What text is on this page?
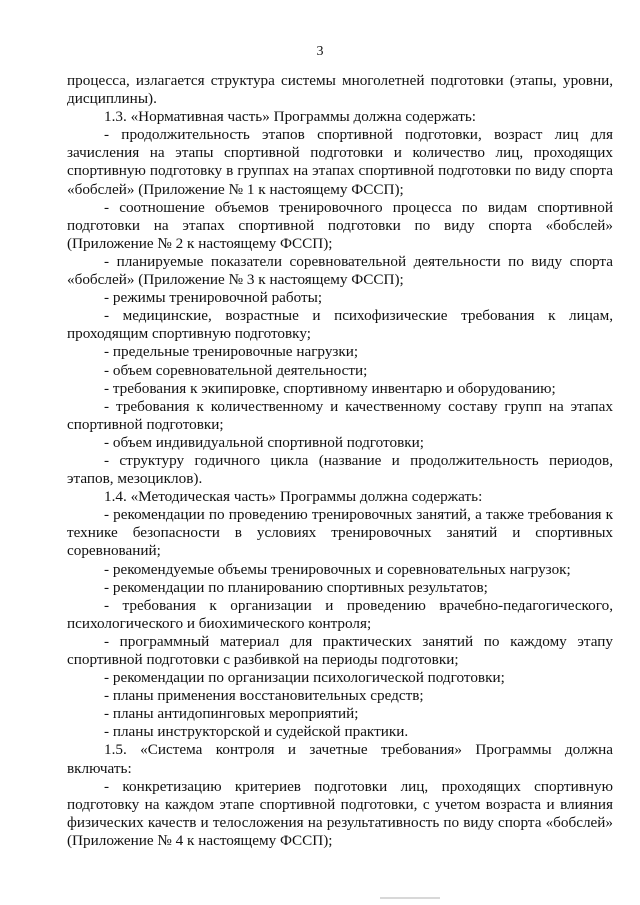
3

процесса, излагается структура системы многолетней подготовки (этапы, уровни, дисциплины).

1.3. «Нормативная часть» Программы должна содержать:

- продолжительность этапов спортивной подготовки, возраст лиц для зачисления на этапы спортивной подготовки и количество лиц, проходящих спортивную подготовку в группах на этапах спортивной подготовки по виду спорта «бобслей» (Приложение № 1 к настоящему ФССП);

- соотношение объемов тренировочного процесса по видам спортивной подготовки на этапах спортивной подготовки по виду спорта «бобслей» (Приложение № 2 к настоящему ФССП);

- планируемые показатели соревновательной деятельности по виду спорта «бобслей» (Приложение № 3 к настоящему ФССП);

- режимы тренировочной работы;

- медицинские, возрастные и психофизические требования к лицам, проходящим спортивную подготовку;

- предельные тренировочные нагрузки;

- объем соревновательной деятельности;

- требования к экипировке, спортивному инвентарю и оборудованию;

- требования к количественному и качественному составу групп на этапах спортивной подготовки;

- объем индивидуальной спортивной подготовки;

- структуру годичного цикла (название и продолжительность периодов, этапов, мезоциклов).

1.4. «Методическая часть» Программы должна содержать:

- рекомендации по проведению тренировочных занятий, а также требования к технике безопасности в условиях тренировочных занятий и спортивных соревнований;

- рекомендуемые объемы тренировочных и соревновательных нагрузок;

- рекомендации по планированию спортивных результатов;

- требования к организации и проведению врачебно-педагогического, психологического и биохимического контроля;

- программный материал для практических занятий по каждому этапу спортивной подготовки с разбивкой на периоды подготовки;

- рекомендации по организации психологической подготовки;

- планы применения восстановительных средств;

- планы антидопинговых мероприятий;

- планы инструкторской и судейской практики.

1.5. «Система контроля и зачетные требования» Программы должна включать:

- конкретизацию критериев подготовки лиц, проходящих спортивную подготовку на каждом этапе спортивной подготовки, с учетом возраста и влияния физических качеств и телосложения на результативность по виду спорта «бобслей» (Приложение № 4 к настоящему ФССП);
